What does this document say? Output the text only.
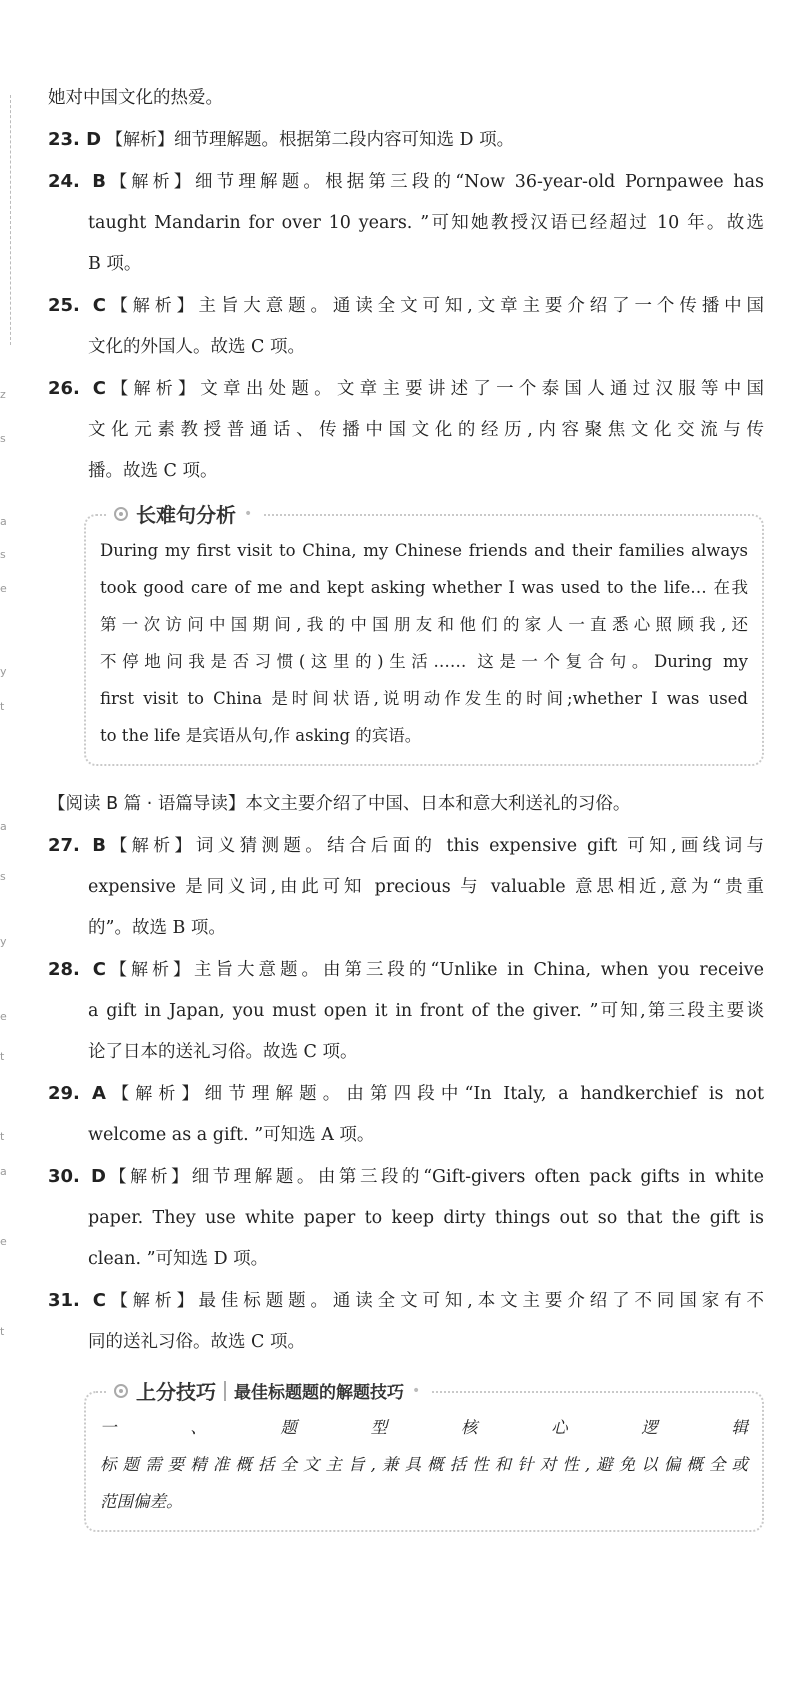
z
s
a
s
e
y
t
a
s
y
e
t
t
a
e
t
她对中国文化的热爱。
23. D 【解析】细节理解题。根据第二段内容可知选 D 项。
24. B【解析】细节理解题。根据第三段的“Now 36-year-old Pornpawee has
taught Mandarin for over 10 years. ”可知她教授汉语已经超过 10 年。故选
B 项。
25. C【解析】主旨大意题。通读全文可知,文章主要介绍了一个传播中国
文化的外国人。故选 C 项。
26. C【解析】文章出处题。文章主要讲述了一个泰国人通过汉服等中国
文化元素教授普通话、传播中国文化的经历,内容聚焦文化交流与传
播。故选 C 项。
长难句分析 •
During my first visit to China, my Chinese friends and their families always
took good care of me and kept asking whether I was used to the life… 在我
第一次访问中国期间,我的中国朋友和他们的家人一直悉心照顾我,还
不停地问我是否习惯(这里的)生活…… 这是一个复合句。During my
first visit to China 是时间状语,说明动作发生的时间;whether I was used
to the life 是宾语从句,作 asking 的宾语。
【阅读 B 篇 · 语篇导读】本文主要介绍了中国、日本和意大利送礼的习俗。
27. B【解析】词义猜测题。结合后面的 this expensive gift 可知,画线词与
expensive 是同义词,由此可知 precious 与 valuable 意思相近,意为“贵重
的”。故选 B 项。
28. C【解析】主旨大意题。由第三段的“Unlike in China, when you receive
a gift in Japan, you must open it in front of the giver. ”可知,第三段主要谈
论了日本的送礼习俗。故选 C 项。
29. A【解析】细节理解题。由第四段中“In Italy, a handkerchief is not
welcome as a gift. ”可知选 A 项。
30. D【解析】细节理解题。由第三段的“Gift-givers often pack gifts in white
paper. They use white paper to keep dirty things out so that the gift is
clean. ”可知选 D 项。
31. C【解析】最佳标题题。通读全文可知,本文主要介绍了不同国家有不
同的送礼习俗。故选 C 项。
上分技巧 最佳标题题的解题技巧 •
一、题型核心逻辑
标题需要精准概括全文主旨,兼具概括性和针对性,避免以偏概全或
范围偏差。
